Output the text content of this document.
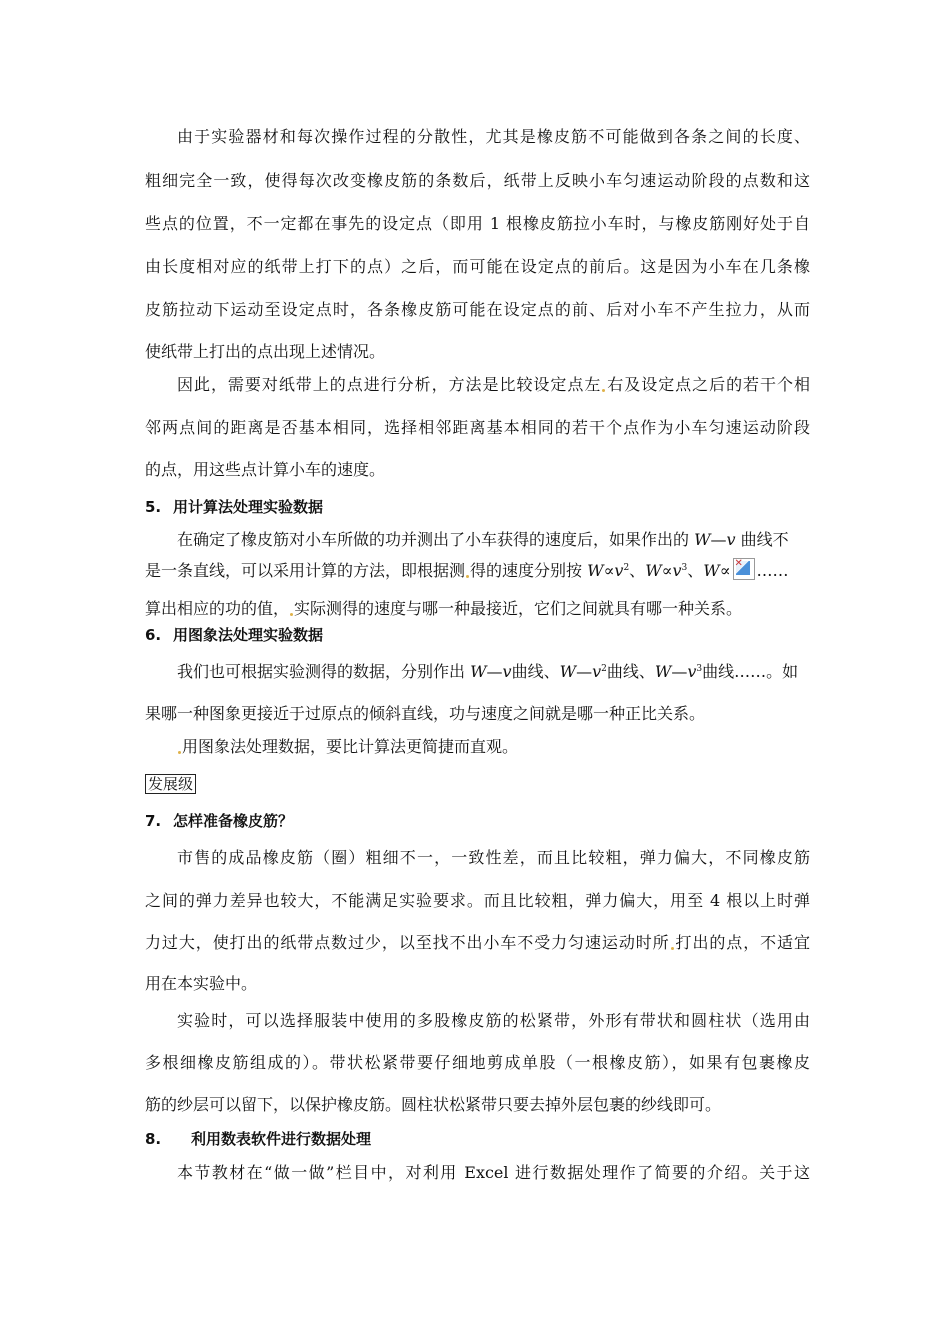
由于实验器材和每次操作过程的分散性，尤其是橡皮筋不可能做到各条之间的长度、
粗细完全一致，使得每次改变橡皮筋的条数后，纸带上反映小车匀速运动阶段的点数和这
些点的位置，不一定都在事先的设定点（即用 1 根橡皮筋拉小车时，与橡皮筋刚好处于自
由长度相对应的纸带上打下的点）之后，而可能在设定点的前后。这是因为小车在几条橡
皮筋拉动下运动至设定点时，各条橡皮筋可能在设定点的前、后对小车不产生拉力，从而
使纸带上打出的点出现上述情况。
因此，需要对纸带上的点进行分析，方法是比较设定点左 右及设定点之后的若干个相
邻两点间的距离是否基本相同，选择相邻距离基本相同的若干个点作为小车匀速运动阶段
的点，用这些点计算小车的速度。
5. 用计算法处理实验数据
在确定了橡皮筋对小车所做的功并测出了小车获得的速度后，如果作出的 W—v 曲线不
是一条直线，可以采用计算的方法，即根据测 得的速度分别按 $W\propto v^2$、$W\propto v^3$、W∝ ✕ ……
算出相应的功的值， 实际测得的速度与哪一种最接近，它们之间就具有哪一种关系。
6. 用图象法处理实验数据
我们也可根据实验测得的数据，分别作出 W—v曲线、$W—v^2$曲线、$W—v^3$曲线……。如
果哪一种图象更接近于过原点的倾斜直线，功与速度之间就是哪一种正比关系。
用图象法处理数据，要比计算法更简捷而直观。
发展级
7. 怎样准备橡皮筋？
市售的成品橡皮筋（圈）粗细不一，一致性差，而且比较粗，弹力偏大，不同橡皮筋
之间的弹力差异也较大，不能满足实验要求。而且比较粗，弹力偏大，用至 4 根以上时弹
力过大，使打出的纸带点数过少，以至找不出小车不受力匀速运动时所 打出的点，不适宜
用在本实验中。
实验时，可以选择服装中使用的多股橡皮筋的松紧带，外形有带状和圆柱状（选用由
多根细橡皮筋组成的）。带状松紧带要仔细地剪成单股（一根橡皮筋），如果有包裹橡皮
筋的纱层可以留下，以保护橡皮筋。圆柱状松紧带只要去掉外层包裹的纱线即可。
8. 利用数表软件进行数据处理
本节教材在“做一做”栏目中，对利用 Excel 进行数据处理作了简要的介绍。关于这
